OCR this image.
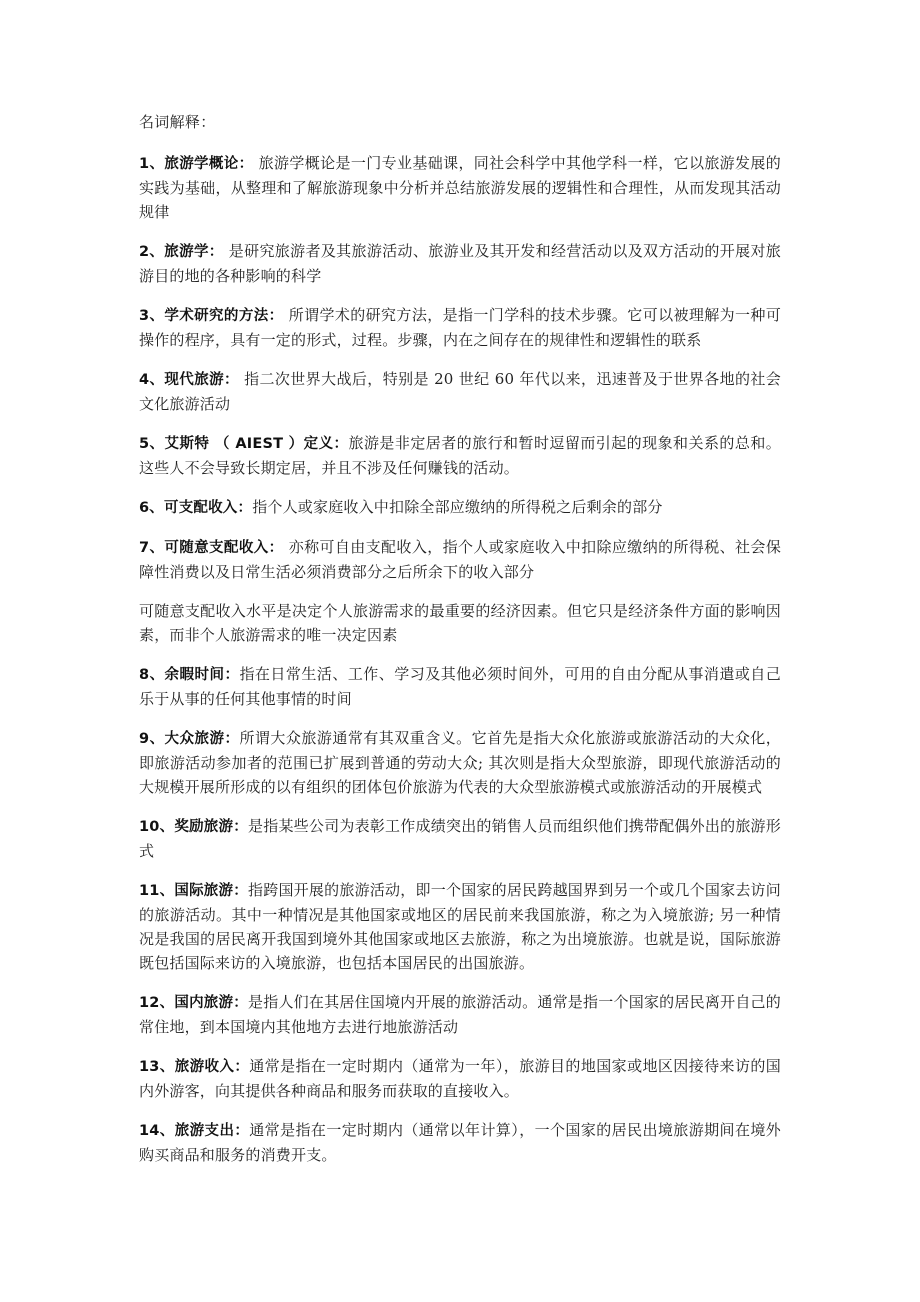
名词解释：
1、旅游学概论： 旅游学概论是一门专业基础课，同社会科学中其他学科一样，它以旅游发展的实践为基础，从整理和了解旅游现象中分析并总结旅游发展的逻辑性和合理性，从而发现其活动规律
2、旅游学： 是研究旅游者及其旅游活动、旅游业及其开发和经营活动以及双方活动的开展对旅游目的地的各种影响的科学
3、学术研究的方法： 所谓学术的研究方法，是指一门学科的技术步骤。它可以被理解为一种可操作的程序，具有一定的形式，过程。步骤，内在之间存在的规律性和逻辑性的联系
4、现代旅游： 指二次世界大战后，特别是 20 世纪 60 年代以来，迅速普及于世界各地的社会文化旅游活动
5、艾斯特 （ AIEST ）定义：旅游是非定居者的旅行和暂时逗留而引起的现象和关系的总和。这些人不会导致长期定居，并且不涉及任何赚钱的活动。
6、可支配收入：指个人或家庭收入中扣除全部应缴纳的所得税之后剩余的部分
7、可随意支配收入： 亦称可自由支配收入，指个人或家庭收入中扣除应缴纳的所得税、社会保障性消费以及日常生活必须消费部分之后所余下的收入部分
可随意支配收入水平是决定个人旅游需求的最重要的经济因素。但它只是经济条件方面的影响因素，而非个人旅游需求的唯一决定因素
8、余暇时间：指在日常生活、工作、学习及其他必须时间外，可用的自由分配从事消遣或自己乐于从事的任何其他事情的时间
9、大众旅游：所谓大众旅游通常有其双重含义。它首先是指大众化旅游或旅游活动的大众化，即旅游活动参加者的范围已扩展到普通的劳动大众; 其次则是指大众型旅游，即现代旅游活动的大规模开展所形成的以有组织的团体包价旅游为代表的大众型旅游模式或旅游活动的开展模式
10、奖励旅游：是指某些公司为表彰工作成绩突出的销售人员而组织他们携带配偶外出的旅游形式
11、国际旅游：指跨国开展的旅游活动，即一个国家的居民跨越国界到另一个或几个国家去访问的旅游活动。其中一种情况是其他国家或地区的居民前来我国旅游，称之为入境旅游; 另一种情况是我国的居民离开我国到境外其他国家或地区去旅游，称之为出境旅游。也就是说，国际旅游既包括国际来访的入境旅游，也包括本国居民的出国旅游。
12、国内旅游：是指人们在其居住国境内开展的旅游活动。通常是指一个国家的居民离开自己的常住地，到本国境内其他地方去进行地旅游活动
13、旅游收入：通常是指在一定时期内（通常为一年），旅游目的地国家或地区因接待来访的国内外游客，向其提供各种商品和服务而获取的直接收入。
14、旅游支出：通常是指在一定时期内（通常以年计算），一个国家的居民出境旅游期间在境外购买商品和服务的消费开支。
